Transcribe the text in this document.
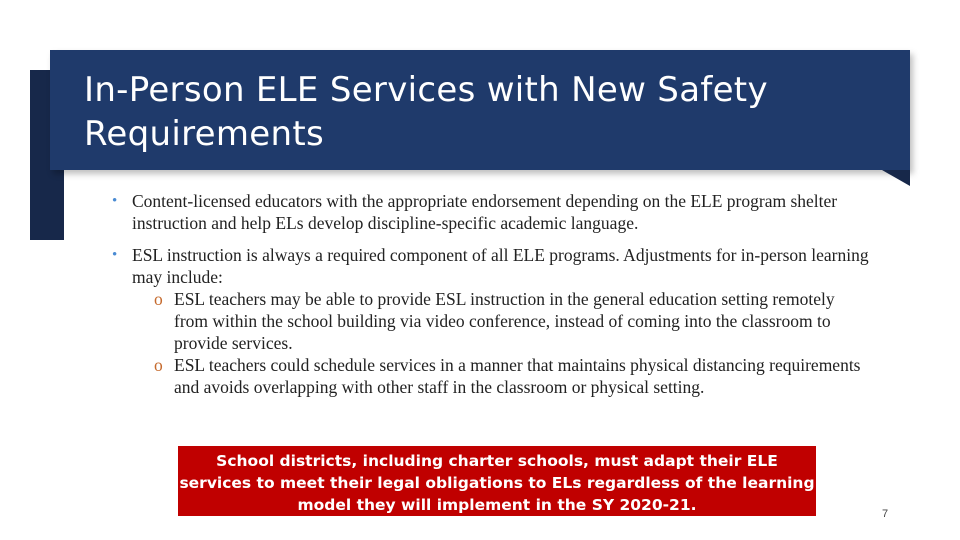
In-Person ELE Services with New Safety Requirements
• Content-licensed educators with the appropriate endorsement depending on the ELE program shelter instruction and help ELs develop discipline-specific academic language.
• ESL instruction is always a required component of all ELE programs. Adjustments for in-person learning may include:
o ESL teachers may be able to provide ESL instruction in the general education setting remotely from within the school building via video conference, instead of coming into the classroom to provide services.
o ESL teachers could schedule services in a manner that maintains physical distancing requirements and avoids overlapping with other staff in the classroom or physical setting.
School districts, including charter schools, must adapt their ELE services to meet their legal obligations to ELs regardless of the learning model they will implement in the SY 2020-21.	7
